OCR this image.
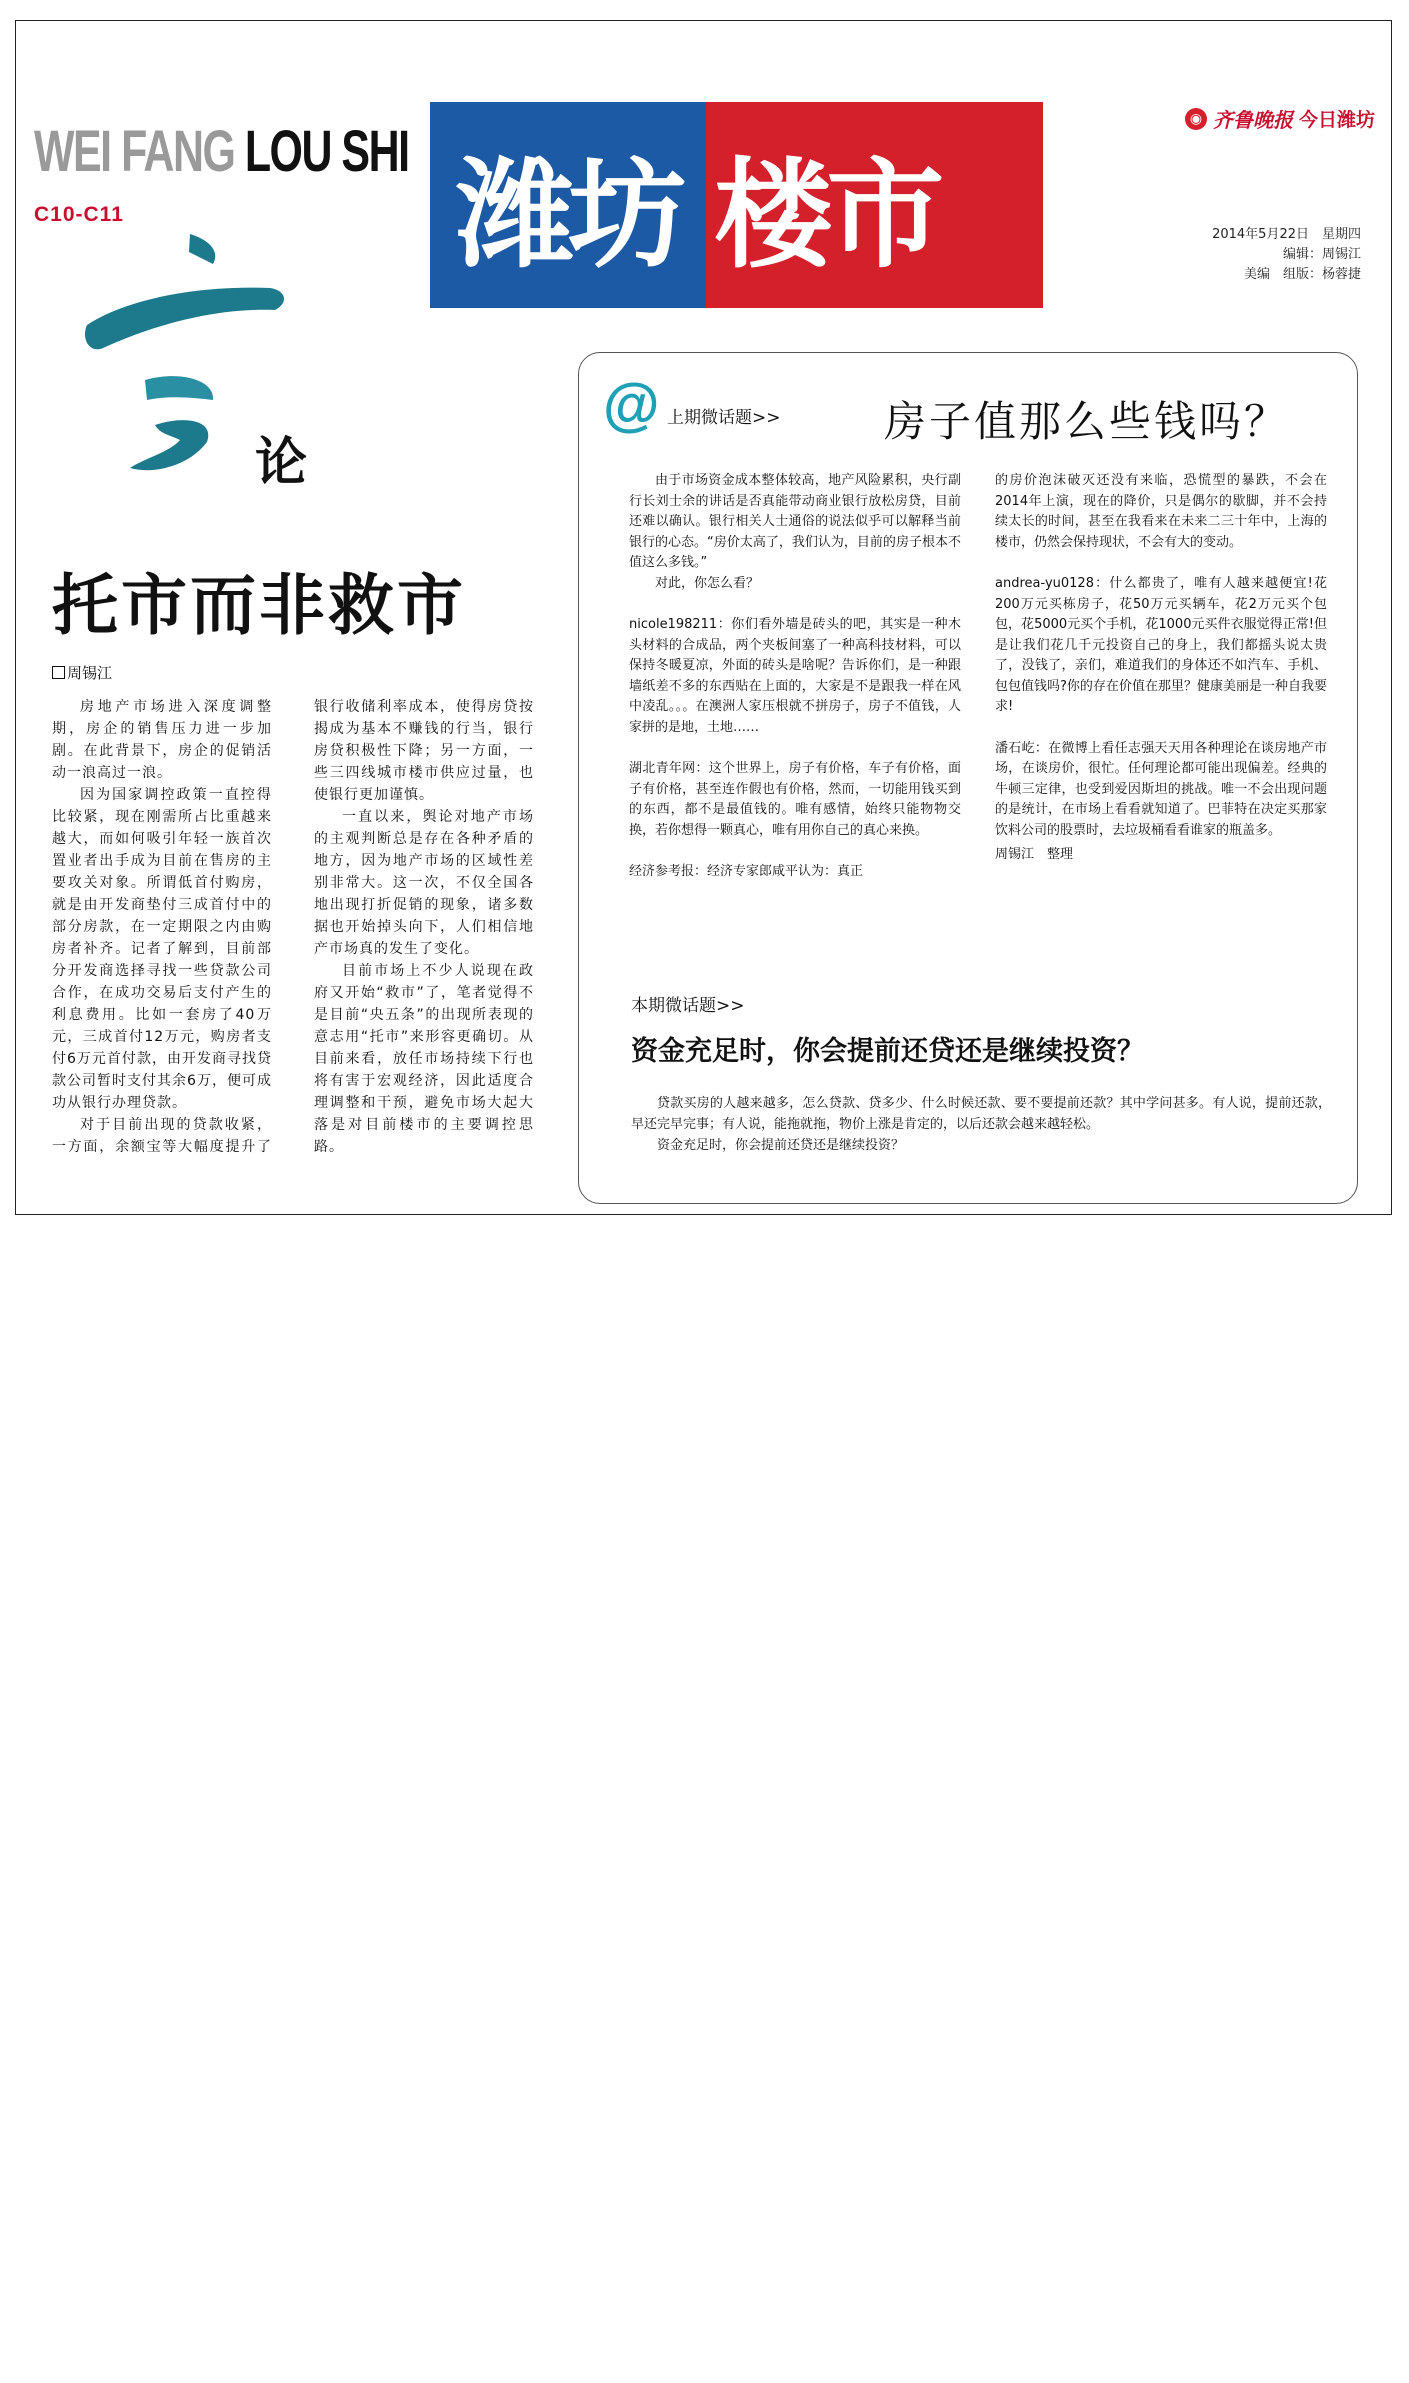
WEI FANG LOU SHI
C10-C11	潍坊 楼市
◉ 齐鲁晚报 今日潍坊
2014年5月22日　星期四
编辑：周锡江
美编　组版：杨蓉捷
论
托市而非救市
周锡江

房地产市场进入深度调整期，房企的销售压力进一步加剧。在此背景下，房企的促销活动一浪高过一浪。

因为国家调控政策一直控得比较紧，现在刚需所占比重越来越大，而如何吸引年轻一族首次置业者出手成为目前在售房的主要攻关对象。所谓低首付购房，就是由开发商垫付三成首付中的部分房款，在一定期限之内由购房者补齐。记者了解到，目前部分开发商选择寻找一些贷款公司合作，在成功交易后支付产生的利息费用。比如一套房了40万元，三成首付12万元，购房者支付6万元首付款，由开发商寻找贷款公司暂时支付其余6万，便可成功从银行办理贷款。

对于目前出现的贷款收紧，一方面，余额宝等大幅度提升了银行收储利率成本，使得房贷按揭成为基本不赚钱的行当，银行房贷积极性下降；另一方面，一些三四线城市楼市供应过量，也使银行更加谨慎。

一直以来，舆论对地产市场的主观判断总是存在各种矛盾的地方，因为地产市场的区域性差别非常大。这一次，不仅全国各地出现打折促销的现象，诸多数据也开始掉头向下，人们相信地产市场真的发生了变化。

目前市场上不少人说现在政府又开始“救市”了，笔者觉得不是目前“央五条”的出现所表现的意志用“托市”来形容更确切。从目前来看，放任市场持续下行也将有害于宏观经济，因此适度合理调整和干预，避免市场大起大落是对目前楼市的主要调控思路。

@ 上期微话题>> 房子值那么些钱吗？

由于市场资金成本整体较高，地产风险累积，央行副行长刘士余的讲话是否真能带动商业银行放松房贷，目前还难以确认。银行相关人士通俗的说法似乎可以解释当前银行的心态。“房价太高了，我们认为，目前的房子根本不值这么多钱。”

对此，你怎么看？

nicole198211：你们看外墙是砖头的吧，其实是一种木头材料的合成品，两个夹板间塞了一种高科技材料，可以保持冬暖夏凉，外面的砖头是啥呢？告诉你们，是一种跟墙纸差不多的东西贴在上面的，大家是不是跟我一样在风中凌乱。。。在澳洲人家压根就不拼房子，房子不值钱，人家拼的是地，土地……

湖北青年网：这个世界上，房子有价格，车子有价格，面子有价格，甚至连作假也有价格，然而，一切能用钱买到的东西，都不是最值钱的。唯有感情，始终只能物物交换，若你想得一颗真心，唯有用你自己的真心来换。

经济参考报：经济专家郎咸平认为：真正

的房价泡沫破灭还没有来临，恐慌型的暴跌，不会在2014年上演，现在的降价，只是偶尔的歇脚，并不会持续太长的时间，甚至在我看来在未来二三十年中，上海的楼市，仍然会保持现状，不会有大的变动。

andrea-yu0128：什么都贵了，唯有人越来越便宜!花200万元买栋房子，花50万元买辆车，花2万元买个包包，花5000元买个手机，花1000元买件衣服觉得正常!但是让我们花几千元投资自己的身上，我们都摇头说太贵了，没钱了，亲们，难道我们的身体还不如汽车、手机、包包值钱吗?你的存在价值在那里？健康美丽是一种自我要求!

潘石屹：在微博上看任志强天天用各种理论在谈房地产市场，在谈房价，很忙。任何理论都可能出现偏差。经典的牛顿三定律，也受到爱因斯坦的挑战。唯一不会出现问题的是统计，在市场上看看就知道了。巴菲特在决定买那家饮料公司的股票时，去垃圾桶看看谁家的瓶盖多。

周锡江　整理

本期微话题>>
资金充足时，你会提前还贷还是继续投资？

贷款买房的人越来越多，怎么贷款、贷多少、什么时候还款、要不要提前还款？其中学问甚多。有人说，提前还款，早还完早完事；有人说，能拖就拖，物价上涨是肯定的，以后还款会越来越轻松。

资金充足时，你会提前还贷还是继续投资？
